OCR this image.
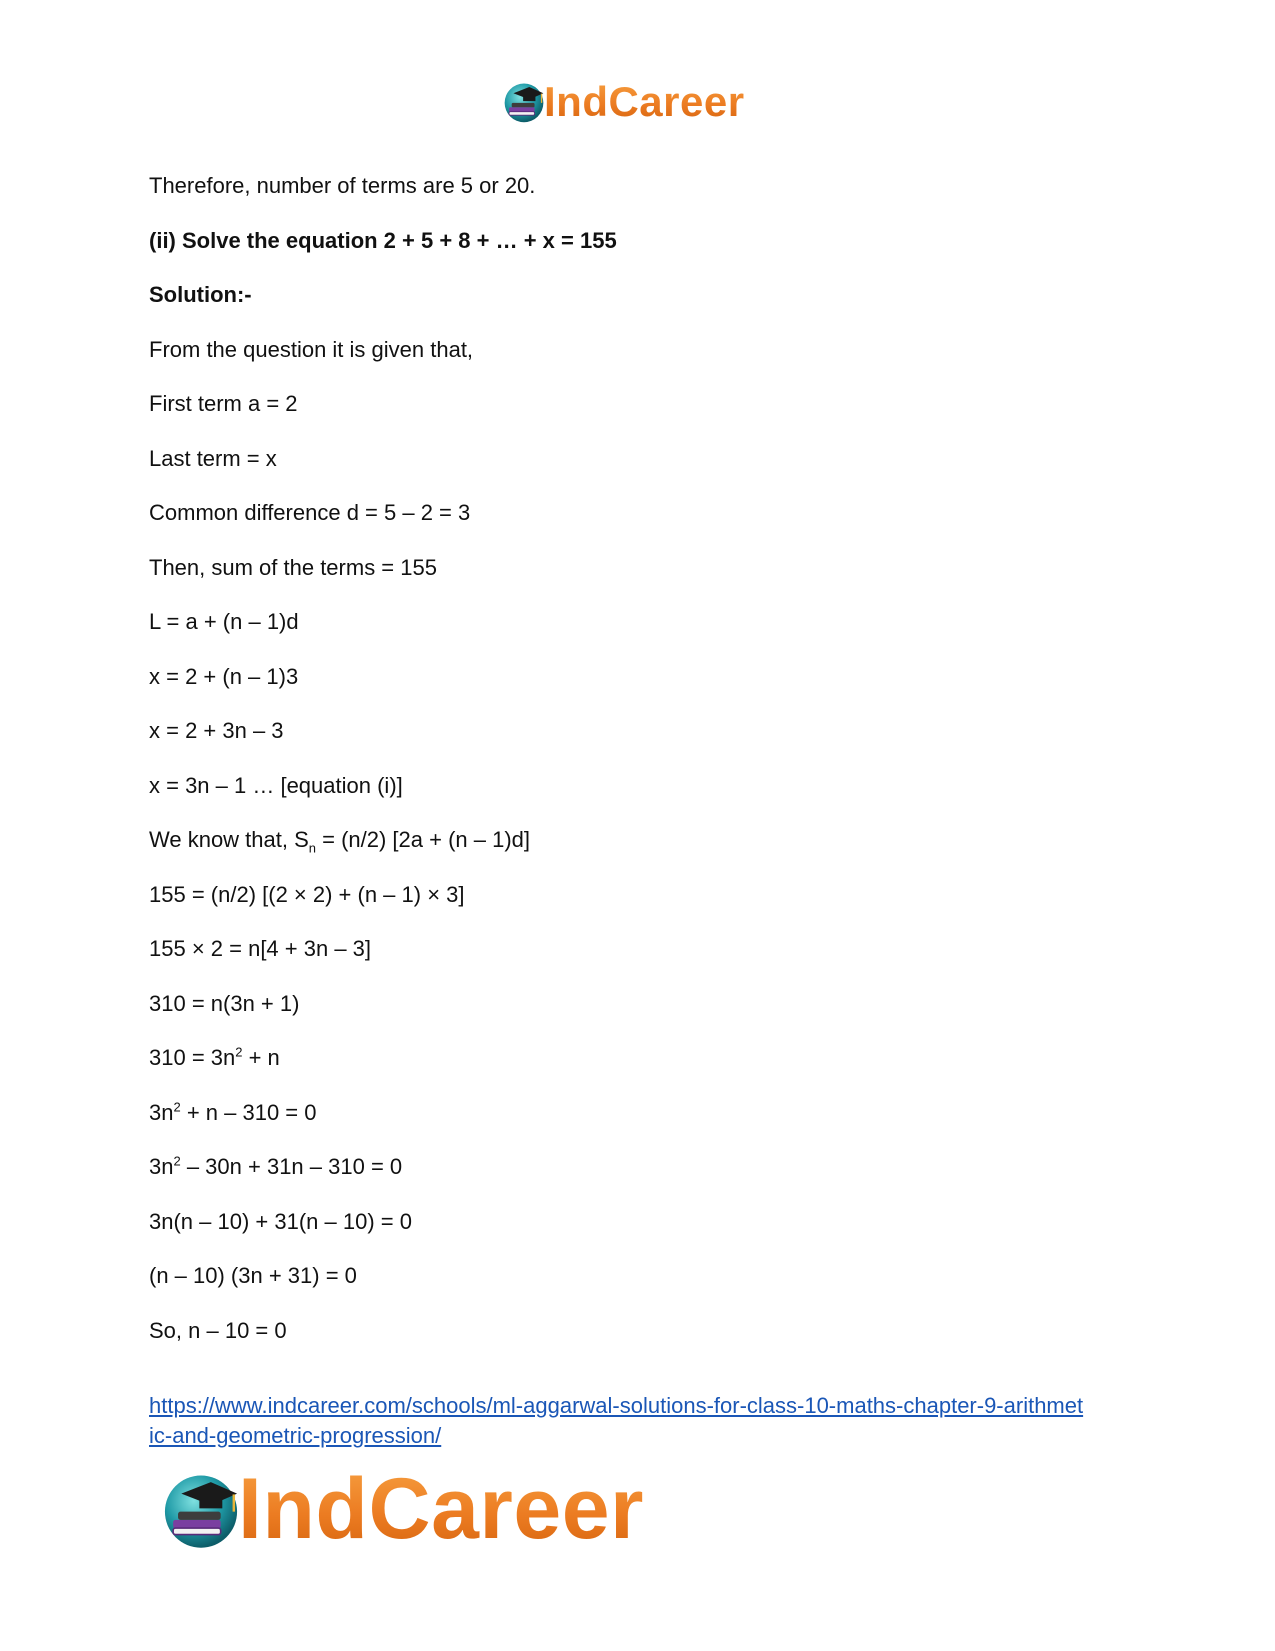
IndCareer
Therefore, number of terms are 5 or 20.
(ii) Solve the equation 2 + 5 + 8 + … + x = 155
Solution:-
From the question it is given that,
First term a = 2
Last term = x
Common difference d = 5 – 2 = 3
Then, sum of the terms = 155
L = a + (n – 1)d
x = 2 + (n – 1)3
x = 2 + 3n – 3
x = 3n – 1 … [equation (i)]
We know that, $S_n = (n/2) [2a + (n - 1)d]$
155 = (n/2) [(2 × 2) + (n – 1) × 3]
155 × 2 = n[4 + 3n – 3]
310 = n(3n + 1)
$310 = 3n^2 + n$
$3n^2 + n - 310 = 0$
$3n^2 - 30n + 31n - 310 = 0$
3n(n – 10) + 31(n – 10) = 0
(n – 10) (3n + 31) = 0
So, n – 10 = 0
https://www.indcareer.com/schools/ml-aggarwal-solutions-for-class-10-maths-chapter-9-arithmet
ic-and-geometric-progression/
IndCareer
